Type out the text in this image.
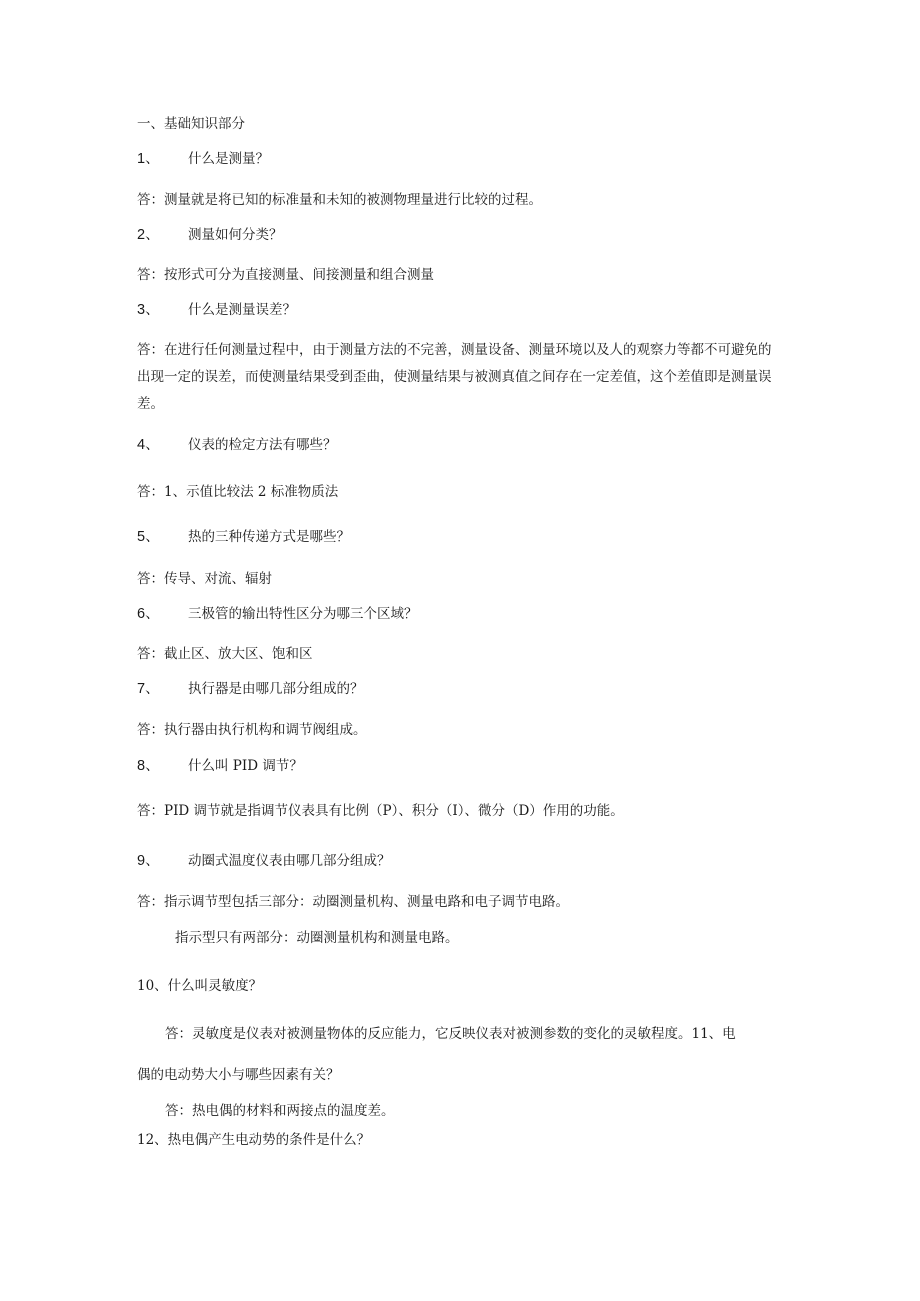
一、基础知识部分
1、 什么是测量？
答：测量就是将已知的标准量和未知的被测物理量进行比较的过程。
2、 测量如何分类？
答：按形式可分为直接测量、间接测量和组合测量
3、 什么是测量误差？
答：在进行任何测量过程中，由于测量方法的不完善，测量设备、测量环境以及人的观察力等都不可避免的出现一定的误差，而使测量结果受到歪曲，使测量结果与被测真值之间存在一定差值，这个差值即是测量误差。
4、 仪表的检定方法有哪些？
答：1、示值比较法 2 标准物质法
5、 热的三种传递方式是哪些？
答：传导、对流、辐射
6、 三极管的输出特性区分为哪三个区域？
答：截止区、放大区、饱和区
7、 执行器是由哪几部分组成的？
答：执行器由执行机构和调节阀组成。
8、 什么叫 PID 调节？
答：PID 调节就是指调节仪表具有比例（P）、积分（I）、微分（D）作用的功能。
9、 动圈式温度仪表由哪几部分组成？
答：指示调节型包括三部分：动圈测量机构、测量电路和电子调节电路。
指示型只有两部分：动圈测量机构和测量电路。
10、什么叫灵敏度？
答：灵敏度是仪表对被测量物体的反应能力，它反映仪表对被测参数的变化的灵敏程度。11、电
偶的电动势大小与哪些因素有关？
答：热电偶的材料和两接点的温度差。
12、热电偶产生电动势的条件是什么？
